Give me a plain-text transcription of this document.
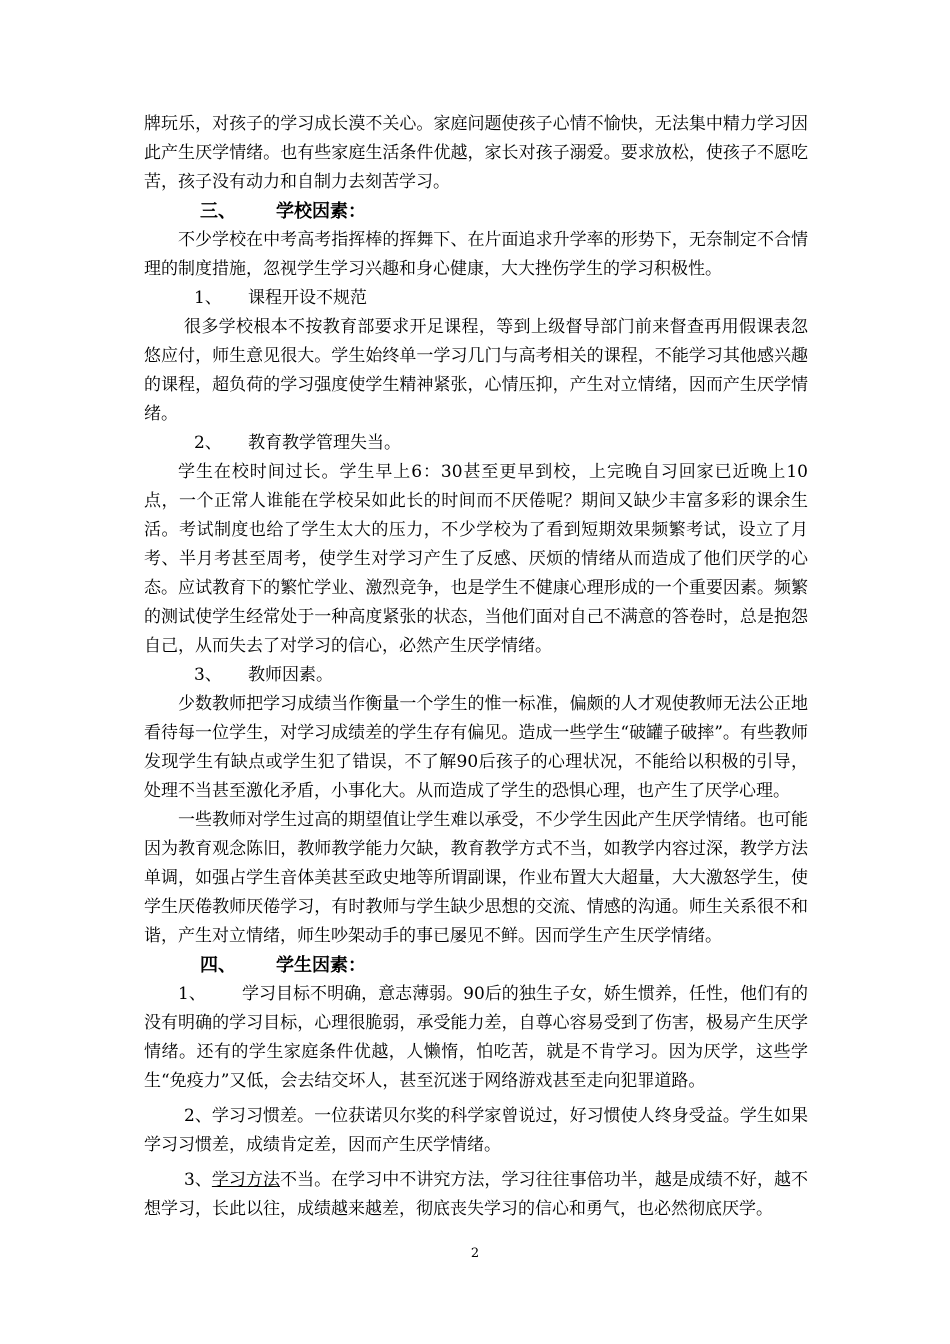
牌玩乐，对孩子的学习成长漠不关心。家庭问题使孩子心情不愉快，无法集中精力学习因此产生厌学情绪。也有些家庭生活条件优越，家长对孩子溺爱。要求放松，使孩子不愿吃苦，孩子没有动力和自制力去刻苦学习。

三、 学校因素：

不少学校在中考高考指挥棒的挥舞下、在片面追求升学率的形势下，无奈制定不合情理的制度措施，忽视学生学习兴趣和身心健康，大大挫伤学生的学习积极性。

1、 课程开设不规范

很多学校根本不按教育部要求开足课程，等到上级督导部门前来督查再用假课表忽悠应付，师生意见很大。学生始终单一学习几门与高考相关的课程，不能学习其他感兴趣的课程，超负荷的学习强度使学生精神紧张，心情压抑，产生对立情绪，因而产生厌学情绪。

2、 教育教学管理失当。

学生在校时间过长。学生早上6：30甚至更早到校，上完晚自习回家已近晚上10点，一个正常人谁能在学校呆如此长的时间而不厌倦呢？期间又缺少丰富多彩的课余生活。考试制度也给了学生太大的压力，不少学校为了看到短期效果频繁考试，设立了月考、半月考甚至周考，使学生对学习产生了反感、厌烦的情绪从而造成了他们厌学的心态。应试教育下的繁忙学业、激烈竞争，也是学生不健康心理形成的一个重要因素。频繁的测试使学生经常处于一种高度紧张的状态，当他们面对自己不满意的答卷时，总是抱怨自己，从而失去了对学习的信心，必然产生厌学情绪。

3、 教师因素。

少数教师把学习成绩当作衡量一个学生的惟一标准，偏颇的人才观使教师无法公正地看待每一位学生，对学习成绩差的学生存有偏见。造成一些学生“破罐子破摔”。有些教师发现学生有缺点或学生犯了错误，不了解90后孩子的心理状况，不能给以积极的引导，处理不当甚至激化矛盾，小事化大。从而造成了学生的恐惧心理，也产生了厌学心理。

一些教师对学生过高的期望值让学生难以承受，不少学生因此产生厌学情绪。也可能因为教育观念陈旧，教师教学能力欠缺，教育教学方式不当，如教学内容过深，教学方法单调，如强占学生音体美甚至政史地等所谓副课，作业布置大大超量，大大激怒学生，使学生厌倦教师厌倦学习，有时教师与学生缺少思想的交流、情感的沟通。师生关系很不和谐，产生对立情绪，师生吵架动手的事已屡见不鲜。因而学生产生厌学情绪。

四、 学生因素：

1、 学习目标不明确，意志薄弱。90后的独生子女，娇生惯养，任性，他们有的没有明确的学习目标，心理很脆弱，承受能力差，自尊心容易受到了伤害，极易产生厌学情绪。还有的学生家庭条件优越，人懒惰，怕吃苦，就是不肯学习。因为厌学，这些学生“免疫力”又低，会去结交坏人，甚至沉迷于网络游戏甚至走向犯罪道路。

2、学习习惯差。一位获诺贝尔奖的科学家曾说过，好习惯使人终身受益。学生如果学习习惯差，成绩肯定差，因而产生厌学情绪。

3、学习方法不当。在学习中不讲究方法，学习往往事倍功半，越是成绩不好，越不想学习，长此以往，成绩越来越差，彻底丧失学习的信心和勇气，也必然彻底厌学。

2
